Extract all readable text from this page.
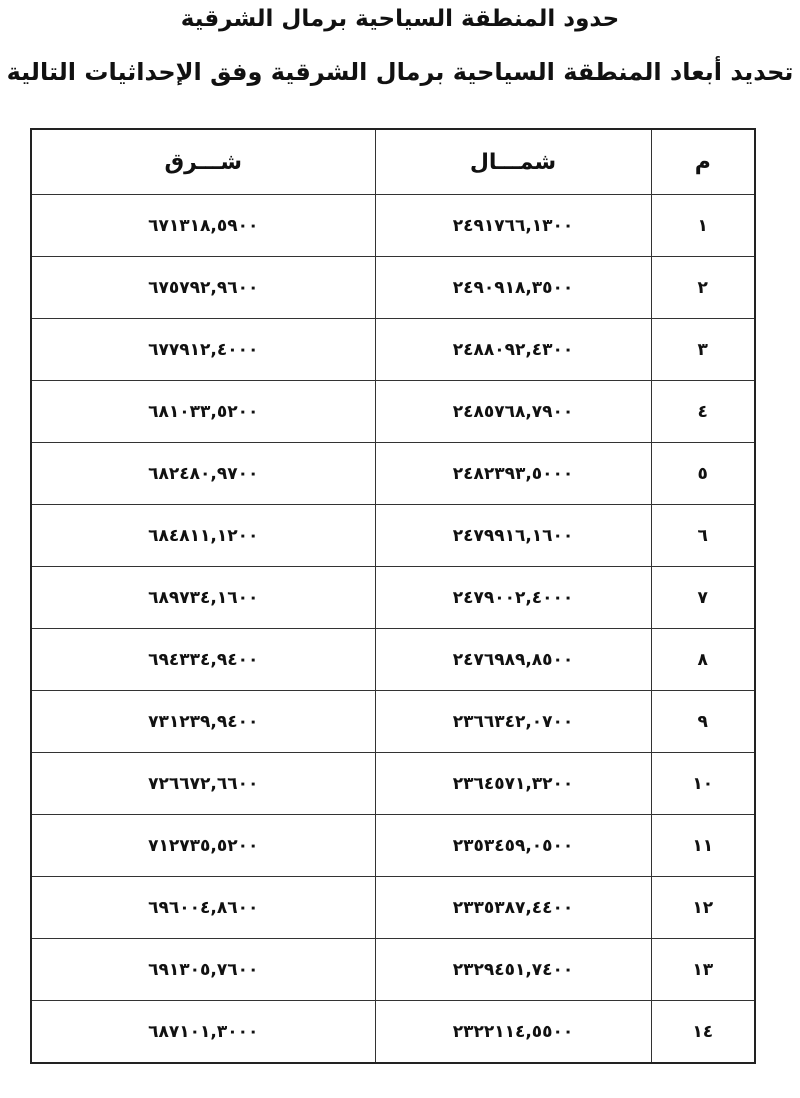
حدود المنطقة السياحية برمال الشرقية
تحديد أبعاد المنطقة السياحية برمال الشرقية وفق الإحداثيات التالية
م	شمـــال	شـــرق
١	٢٤٩١٧٦٦,١٣٠٠	٦٧١٣١٨,٥٩٠٠
٢	٢٤٩٠٩١٨,٣٥٠٠	٦٧٥٧٩٢,٩٦٠٠
٣	٢٤٨٨٠٩٢,٤٣٠٠	٦٧٧٩١٢,٤٠٠٠
٤	٢٤٨٥٧٦٨,٧٩٠٠	٦٨١٠٣٣,٥٢٠٠
٥	٢٤٨٢٣٩٣,٥٠٠٠	٦٨٢٤٨٠,٩٧٠٠
٦	٢٤٧٩٩١٦,١٦٠٠	٦٨٤٨١١,١٢٠٠
٧	٢٤٧٩٠٠٢,٤٠٠٠	٦٨٩٧٣٤,١٦٠٠
٨	٢٤٧٦٩٨٩,٨٥٠٠	٦٩٤٣٣٤,٩٤٠٠
٩	٢٣٦٦٣٤٢,٠٧٠٠	٧٣١٢٣٩,٩٤٠٠
١٠	٢٣٦٤٥٧١,٣٢٠٠	٧٢٦٦٧٢,٦٦٠٠
١١	٢٣٥٣٤٥٩,٠٥٠٠	٧١٢٧٣٥,٥٢٠٠
١٢	٢٣٣٥٣٨٧,٤٤٠٠	٦٩٦٠٠٤,٨٦٠٠
١٣	٢٣٢٩٤٥١,٧٤٠٠	٦٩١٣٠٥,٧٦٠٠
١٤	٢٣٢٢١١٤,٥٥٠٠	٦٨٧١٠١,٣٠٠٠
